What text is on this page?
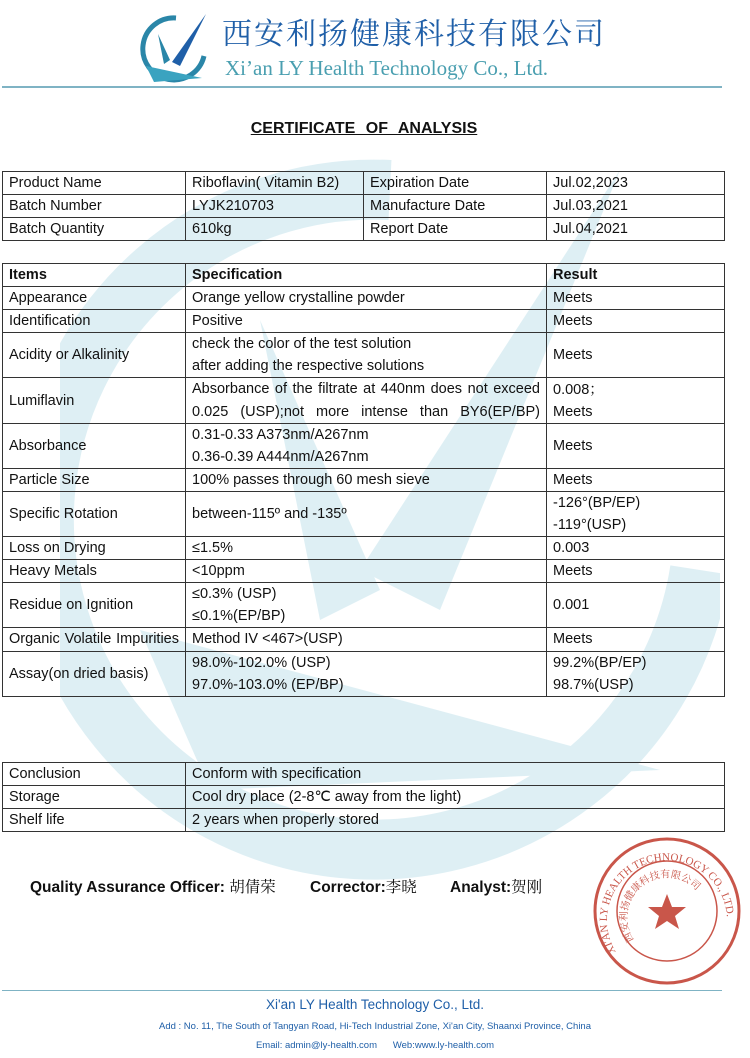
西安利扬健康科技有限公司
Xi’an LY Health Technology Co., Ltd.
CERTIFICATE OF ANALYSIS
Product Name	Riboflavin( Vitamin B2)	Expiration Date	Jul.02,2023
Batch Number	LYJK210703	Manufacture Date	Jul.03,2021
Batch Quantity	610kg	Report Date	Jul.04,2021
Items	Specification	Result
Appearance	Orange yellow crystalline powder	Meets
Identification	Positive	Meets
Acidity or Alkalinity	check the color of the test solution
after adding the respective solutions	Meets
Lumiflavin	Absorbance of the filtrate at 440nm does not exceed 0.025 (USP);not more intense than BY6(EP/BP)	0.008；
Meets
Absorbance	0.31-0.33 A373nm/A267nm
0.36-0.39 A444nm/A267nm	Meets
Particle Size	100% passes through 60 mesh sieve	Meets
Specific Rotation	between-115º and -135º	-126°(BP/EP)
-119°(USP)
Loss on Drying	≤1.5%	0.003
Heavy Metals	<10ppm	Meets
Residue on Ignition	≤0.3% (USP)
≤0.1%(EP/BP)	0.001
Organic Volatile Impurities	Method IV <467>(USP)	Meets
Assay(on dried basis)	98.0%-102.0% (USP)
97.0%-103.0% (EP/BP)	99.2%(BP/EP)
98.7%(USP)
Conclusion	Conform with specification
Storage	Cool dry place (2-8℃ away from the light)
Shelf life	2 years when properly stored
XI'AN LY HEALTH TECHNOLOGY CO., LTD.
西安利扬健康科技有限公司
Quality Assurance Officer: 胡倩荣 Corrector:李晓 Analyst:贺刚
Xi'an LY Health Technology Co., Ltd.
Add : No. 11, The South of Tangyan Road, Hi-Tech Industrial Zone, Xi'an City, Shaanxi Province, China
Email: admin@ly-health.com Web:www.ly-health.com
